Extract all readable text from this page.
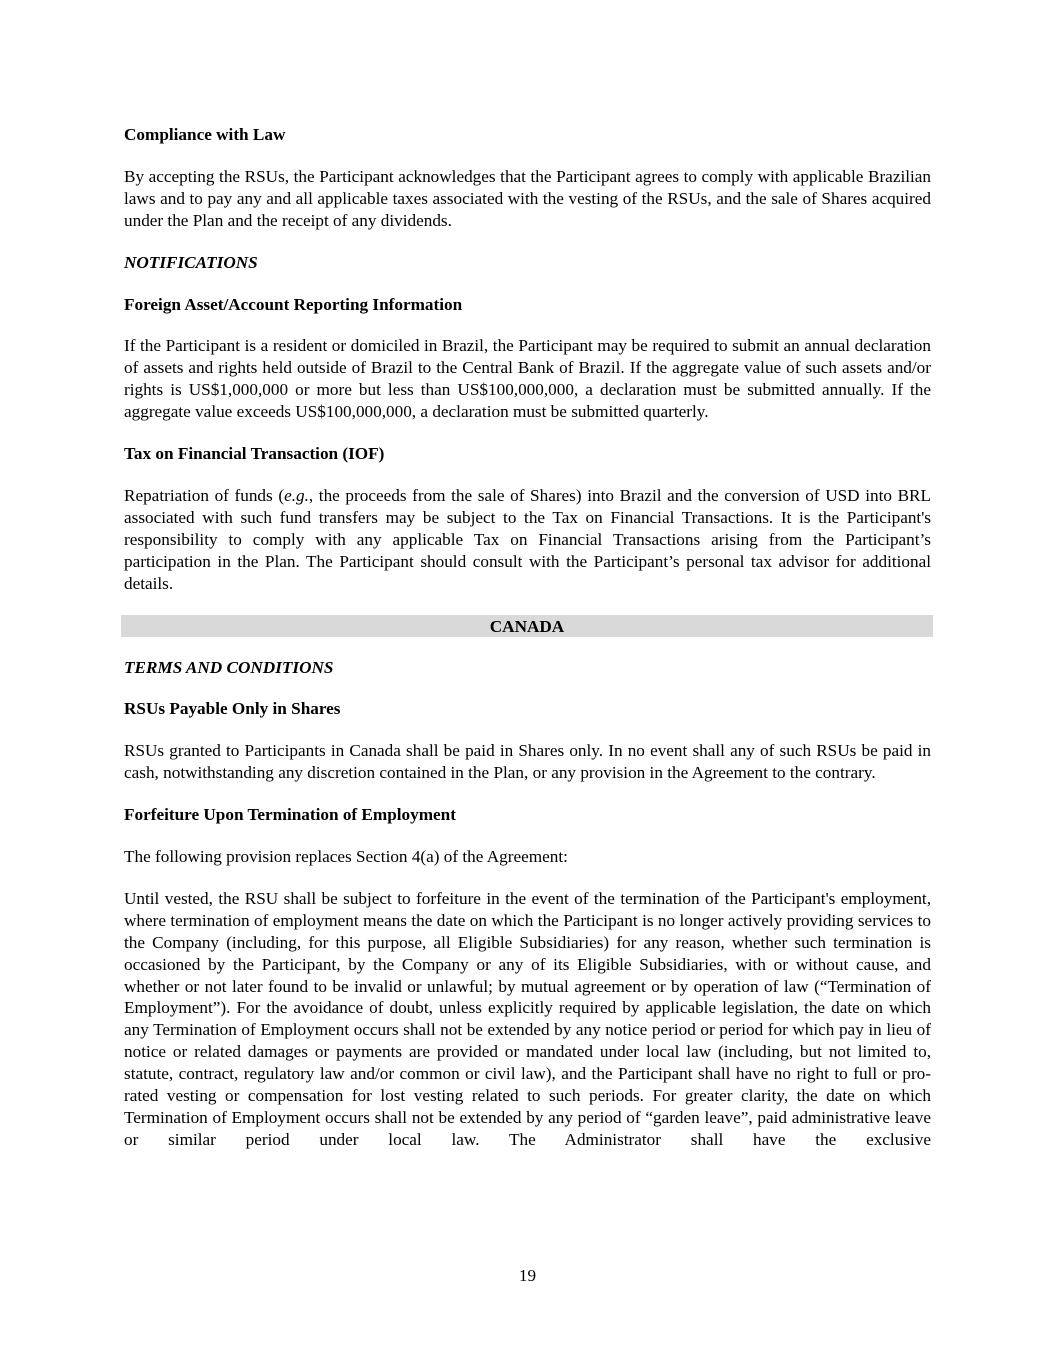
Compliance with Law
By accepting the RSUs, the Participant acknowledges that the Participant agrees to comply with applicable Brazilian laws and to pay any and all applicable taxes associated with the vesting of the RSUs, and the sale of Shares acquired under the Plan and the receipt of any dividends.
NOTIFICATIONS
Foreign Asset/Account Reporting Information
If the Participant is a resident or domiciled in Brazil, the Participant may be required to submit an annual declaration of assets and rights held outside of Brazil to the Central Bank of Brazil. If the aggregate value of such assets and/or rights is US$1,000,000 or more but less than US$100,000,000, a declaration must be submitted annually. If the aggregate value exceeds US$100,000,000, a declaration must be submitted quarterly.
Tax on Financial Transaction (IOF)
Repatriation of funds (e.g., the proceeds from the sale of Shares) into Brazil and the conversion of USD into BRL associated with such fund transfers may be subject to the Tax on Financial Transactions. It is the Participant's responsibility to comply with any applicable Tax on Financial Transactions arising from the Participant’s participation in the Plan. The Participant should consult with the Participant’s personal tax advisor for additional details.
CANADA
TERMS AND CONDITIONS
RSUs Payable Only in Shares
RSUs granted to Participants in Canada shall be paid in Shares only. In no event shall any of such RSUs be paid in cash, notwithstanding any discretion contained in the Plan, or any provision in the Agreement to the contrary.
Forfeiture Upon Termination of Employment
The following provision replaces Section 4(a) of the Agreement:
Until vested, the RSU shall be subject to forfeiture in the event of the termination of the Participant's employment, where termination of employment means the date on which the Participant is no longer actively providing services to the Company (including, for this purpose, all Eligible Subsidiaries) for any reason, whether such termination is occasioned by the Participant, by the Company or any of its Eligible Subsidiaries, with or without cause, and whether or not later found to be invalid or unlawful; by mutual agreement or by operation of law (“Termination of Employment”). For the avoidance of doubt, unless explicitly required by applicable legislation, the date on which any Termination of Employment occurs shall not be extended by any notice period or period for which pay in lieu of notice or related damages or payments are provided or mandated under local law (including, but not limited to, statute, contract, regulatory law and/or common or civil law), and the Participant shall have no right to full or pro-rated vesting or compensation for lost vesting related to such periods. For greater clarity, the date on which Termination of Employment occurs shall not be extended by any period of “garden leave”, paid administrative leave or similar period under local law. The Administrator shall have the exclusive
19
